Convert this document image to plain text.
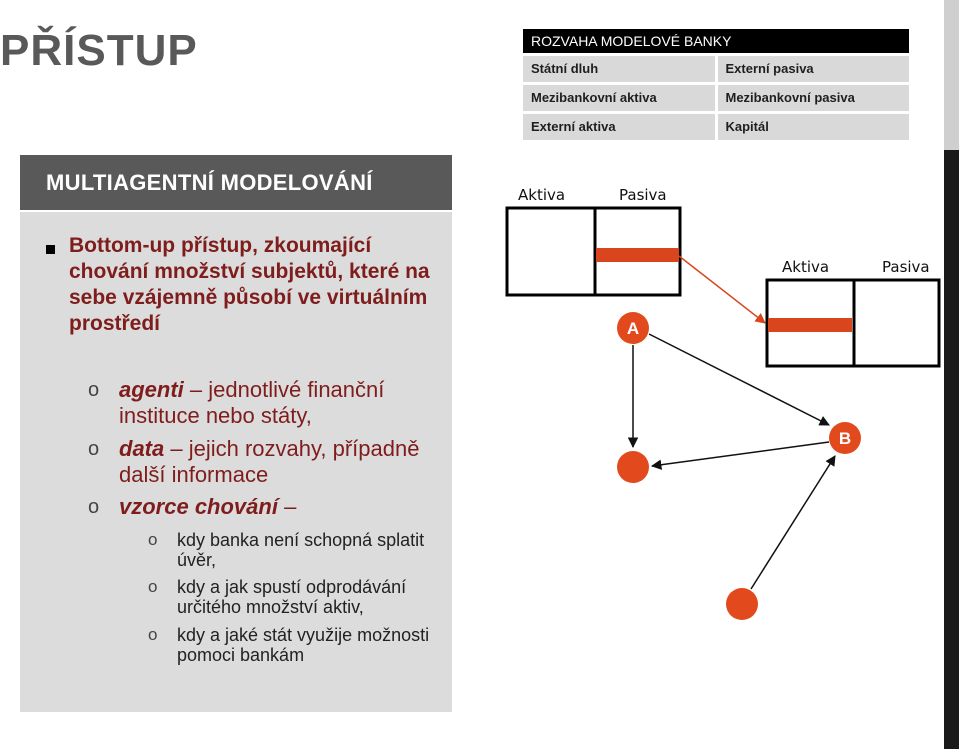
PŘÍSTUP	ROZVAHA MODELOVÉ BANKY
Státní dluh	Externí pasiva
Mezibankovní aktiva	Mezibankovní pasiva
Externí aktiva	Kapitál
MULTIAGENTNÍ MODELOVÁNÍ
Bottom-up přístup, zkoumající chování množství subjektů, které na sebe vzájemně působí ve virtuálním prostředí
o agenti – jednotlivé finanční instituce nebo státy,
o data – jejich rozvahy, případně další informace
o vzorce chování –
o kdy banka není schopná splatit úvěr,
o kdy a jak spustí odprodávání určitého množství aktiv,
o kdy a jaké stát využije možnosti pomoci bankám
Aktiva	Pasiva
Aktiva	Pasiva
A
B
